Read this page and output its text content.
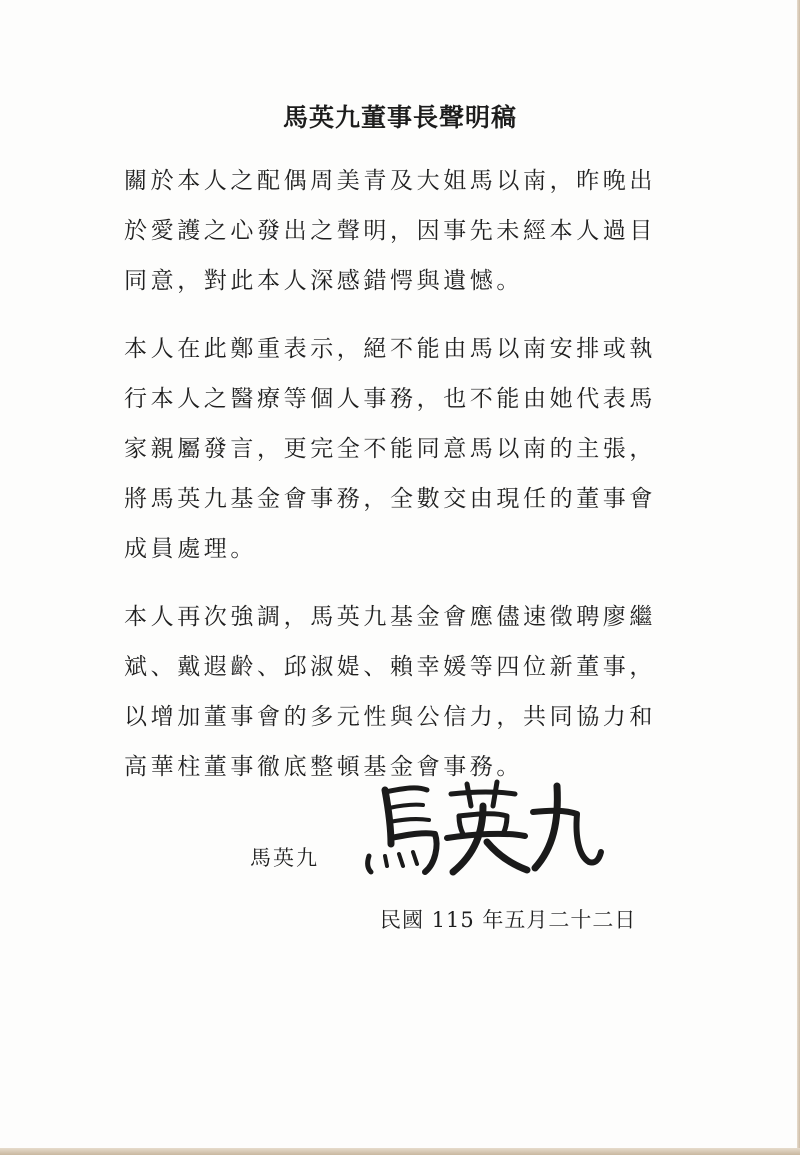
馬英九董事長聲明稿

關於本人之配偶周美青及大姐馬以南，昨晚出
於愛護之心發出之聲明，因事先未經本人過目
同意，對此本人深感錯愕與遺憾。

本人在此鄭重表示，絕不能由馬以南安排或執
行本人之醫療等個人事務，也不能由她代表馬
家親屬發言，更完全不能同意馬以南的主張，
將馬英九基金會事務，全數交由現任的董事會
成員處理。

本人再次強調，馬英九基金會應儘速徵聘廖繼
斌、戴遐齡、邱淑媞、賴幸媛等四位新董事，
以增加董事會的多元性與公信力，共同協力和
高華柱董事徹底整頓基金會事務。

馬英九
民國 115 年五月二十二日
